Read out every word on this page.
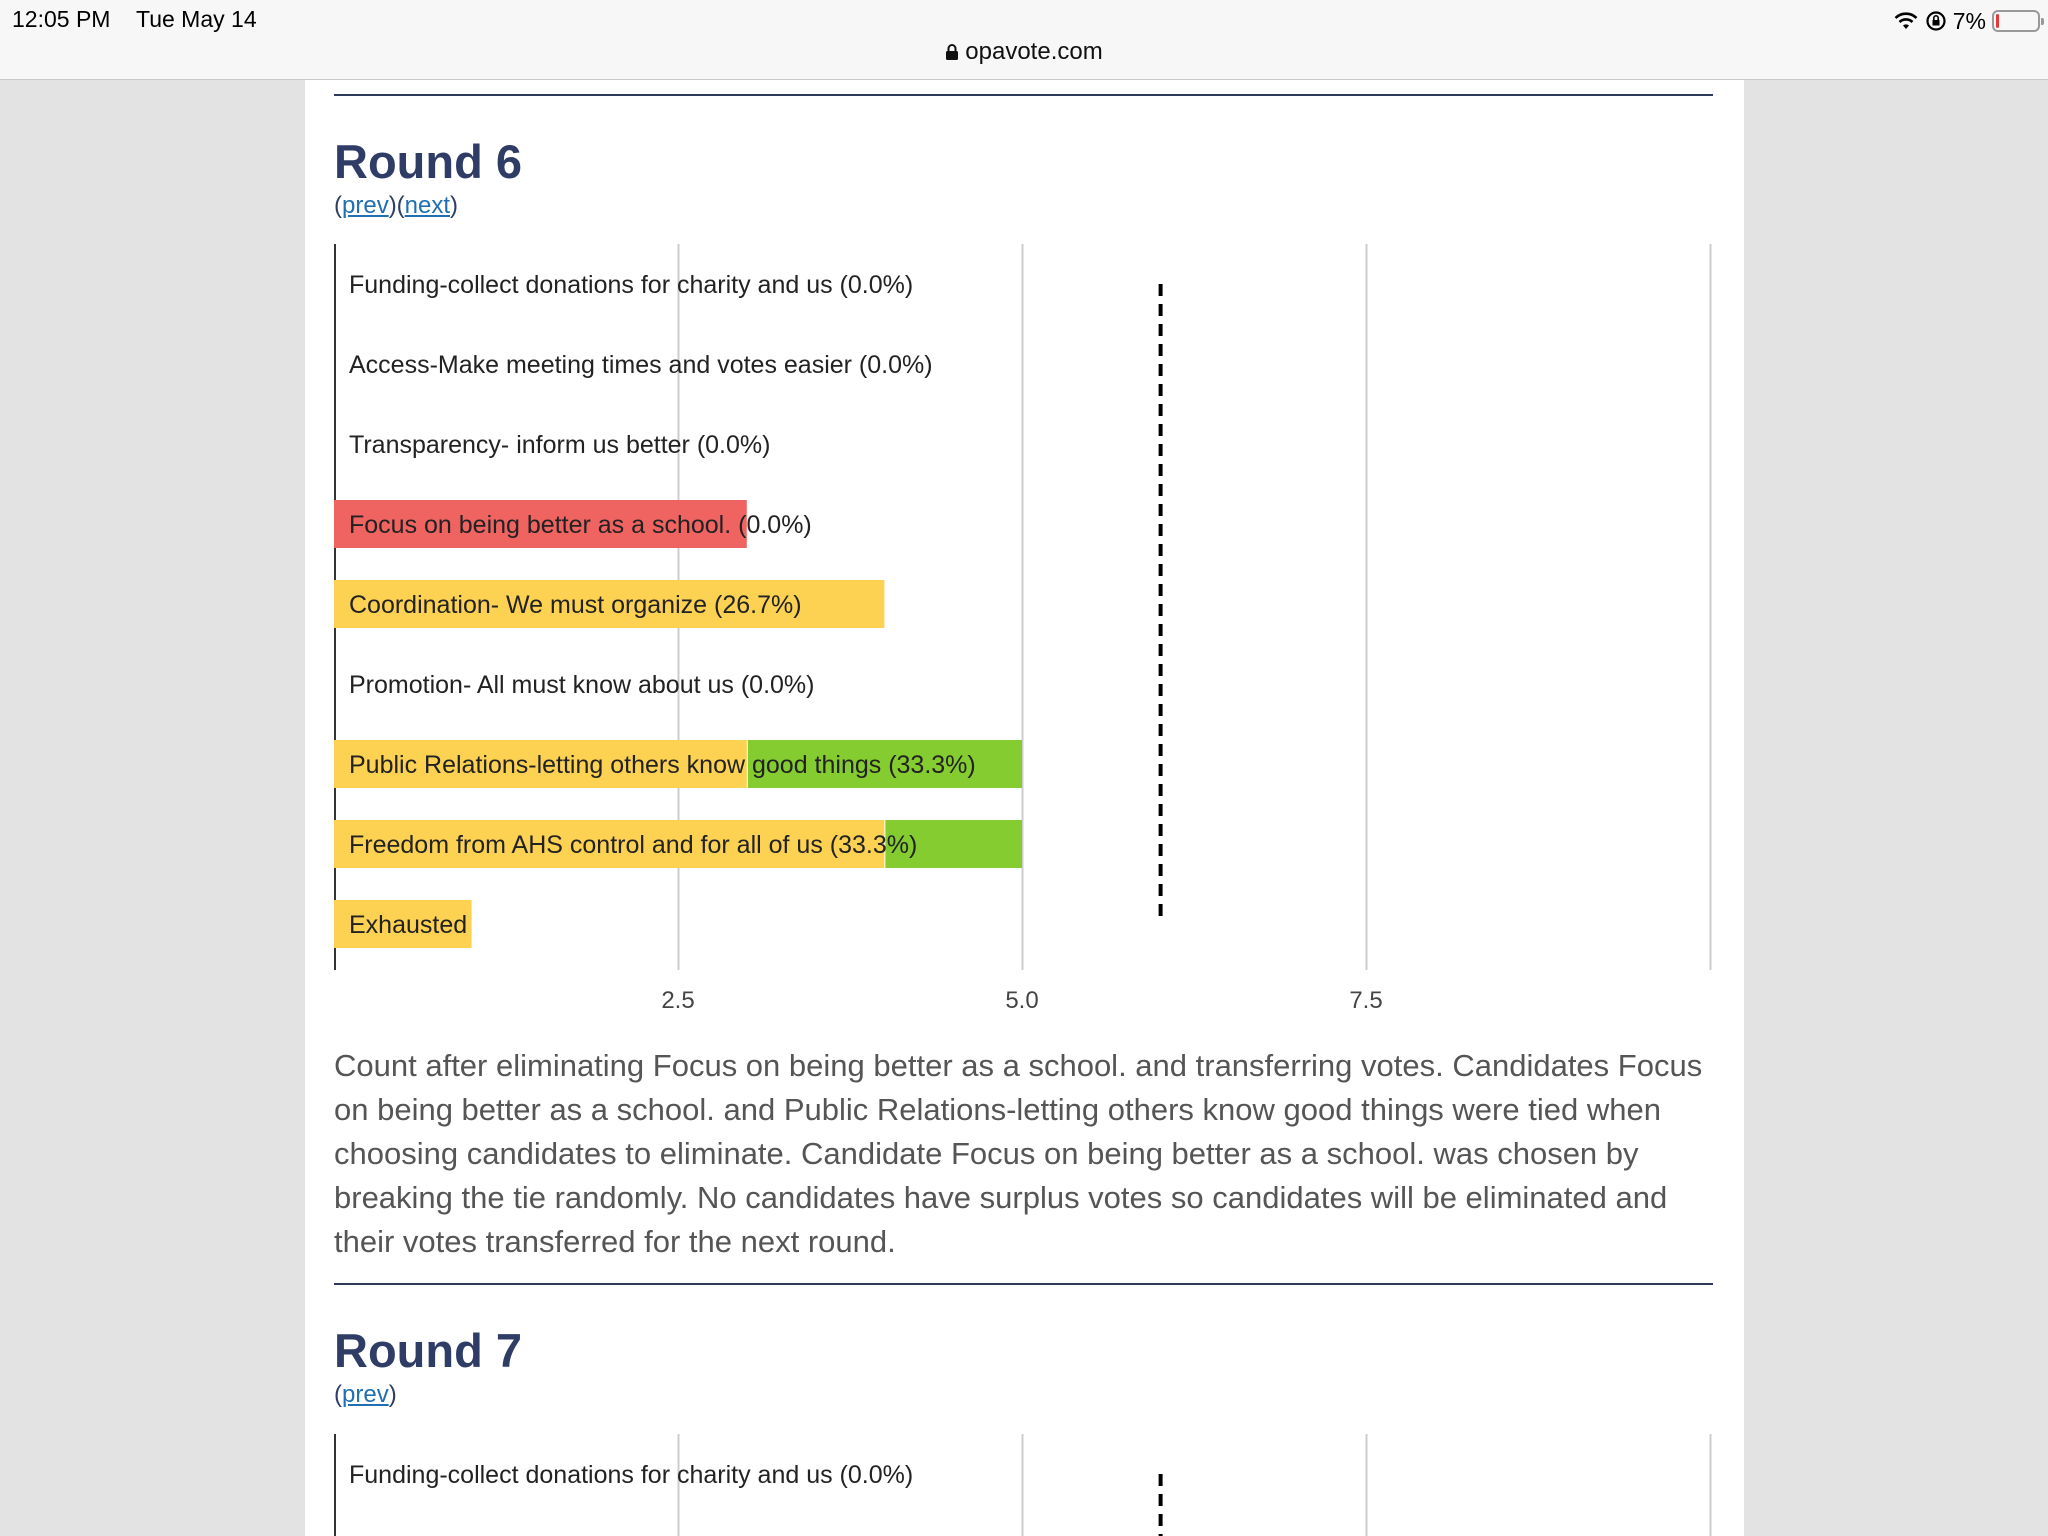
12:05 PM Tue May 14	7%
opavote.com
Round 6
(prev)(next)
Funding-collect donations for charity and us (0.0%)
Access-Make meeting times and votes easier (0.0%)
Transparency- inform us better (0.0%)
Focus on being better as a school. (0.0%)
Coordination- We must organize (26.7%)
Promotion- All must know about us (0.0%)
Public Relations-letting others know good things (33.3%)
Freedom from AHS control and for all of us (33.3%)
Exhausted
2.5	5.0	7.5

Count after eliminating Focus on being better as a school. and transferring votes. Candidates Focus on being better as a school. and Public Relations-letting others know good things were tied when choosing candidates to eliminate. Candidate Focus on being better as a school. was chosen by breaking the tie randomly. No candidates have surplus votes so candidates will be eliminated and their votes transferred for the next round.

Round 7
(prev)
Funding-collect donations for charity and us (0.0%)
